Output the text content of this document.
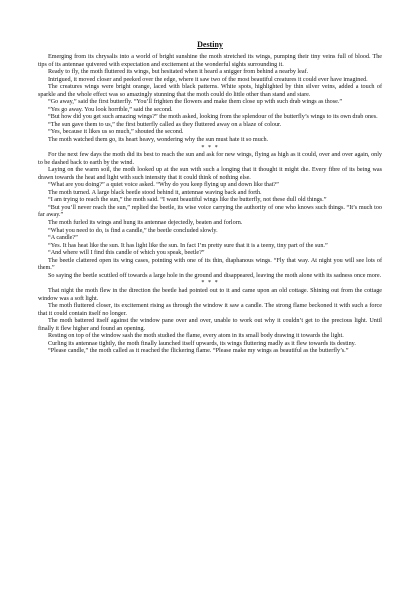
Destiny

Emerging from its chrysalis into a world of bright sunshine the moth stretched its wings, pumping their tiny veins full of blood. The tips of its antennae quivered with expectation and excitement at the wonderful sights surrounding it.

Ready to fly, the moth fluttered its wings, but hesitated when it heard a snigger from behind a nearby leaf.

Intrigued, it moved closer and peeked over the edge, where it saw two of the most beautiful creatures it could ever have imagined.

The creatures wings were bright orange, laced with black patterns. White spots, highlighted by thin silver veins, added a touch of sparkle and the whole effect was so amazingly stunning that the moth could do little other than stand and stare.

“Go away,” said the first butterfly. “You’ll frighten the flowers and make them close up with such drab wings as those.”

“Yes go away. You look horrible,” said the second.

“But how did you get such amazing wings?” the moth asked, looking from the splendour of the butterfly’s wings to its own drab ones.

“The sun gave them to us,” the first butterfly called as they fluttered away on a blaze of colour.

“Yes, because it likes us so much,” shouted the second.

The moth watched them go, its heart heavy, wondering why the sun must hate it so much.

* * *

For the next few days the moth did its best to reach the sun and ask for new wings, flying as high as it could, over and over again, only to be dashed back to earth by the wind.

Laying on the warm soil, the moth looked up at the sun with such a longing that it thought it might die. Every fibre of its being was drawn towards the heat and light with such intensity that it could think of nothing else.

“What are you doing?” a quiet voice asked. “Why do you keep flying up and down like that?”

The moth turned. A large black beetle stood behind it, antennae waving back and forth.

“I am trying to reach the sun,” the moth said. “I want beautiful wings like the butterfly, not these dull old things.”

“But you’ll never reach the sun,” replied the beetle, its wise voice carrying the authority of one who knows such things. “It’s much too far away.”

The moth furled its wings and hung its antennae dejectedly, beaten and forlorn.

“What you need to do, is find a candle,” the beetle concluded slowly.

“A candle?”

“Yes. It has heat like the sun. It has light like the sun. In fact I’m pretty sure that it is a teeny, tiny part of the sun.”

“And where will I find this candle of which you speak, beetle?”

The beetle clattered open its wing cases, pointing with one of its thin, diaphanous wings. “Fly that way. At night you will see lots of them.”

So saying the beetle scuttled off towards a large hole in the ground and disappeared, leaving the moth alone with its sadness once more.

* * *

That night the moth flew in the direction the beetle had pointed out to it and came upon an old cottage. Shining out from the cottage window was a soft light.

The moth fluttered closer, its excitement rising as through the window it saw a candle. The strong flame beckoned it with such a force that it could contain itself no longer.

The moth battered itself against the window pane over and over, unable to work out why it couldn’t get to the precious light. Until finally it flew higher and found an opening.

Resting on top of the window sash the moth studied the flame, every atom in its small body drawing it towards the light.

Curling its antennae tightly, the moth finally launched itself upwards, its wings fluttering madly as it flew towards its destiny.

“Please candle,” the moth called as it reached the flickering flame. “Please make my wings as beautiful as the butterfly’s.”
